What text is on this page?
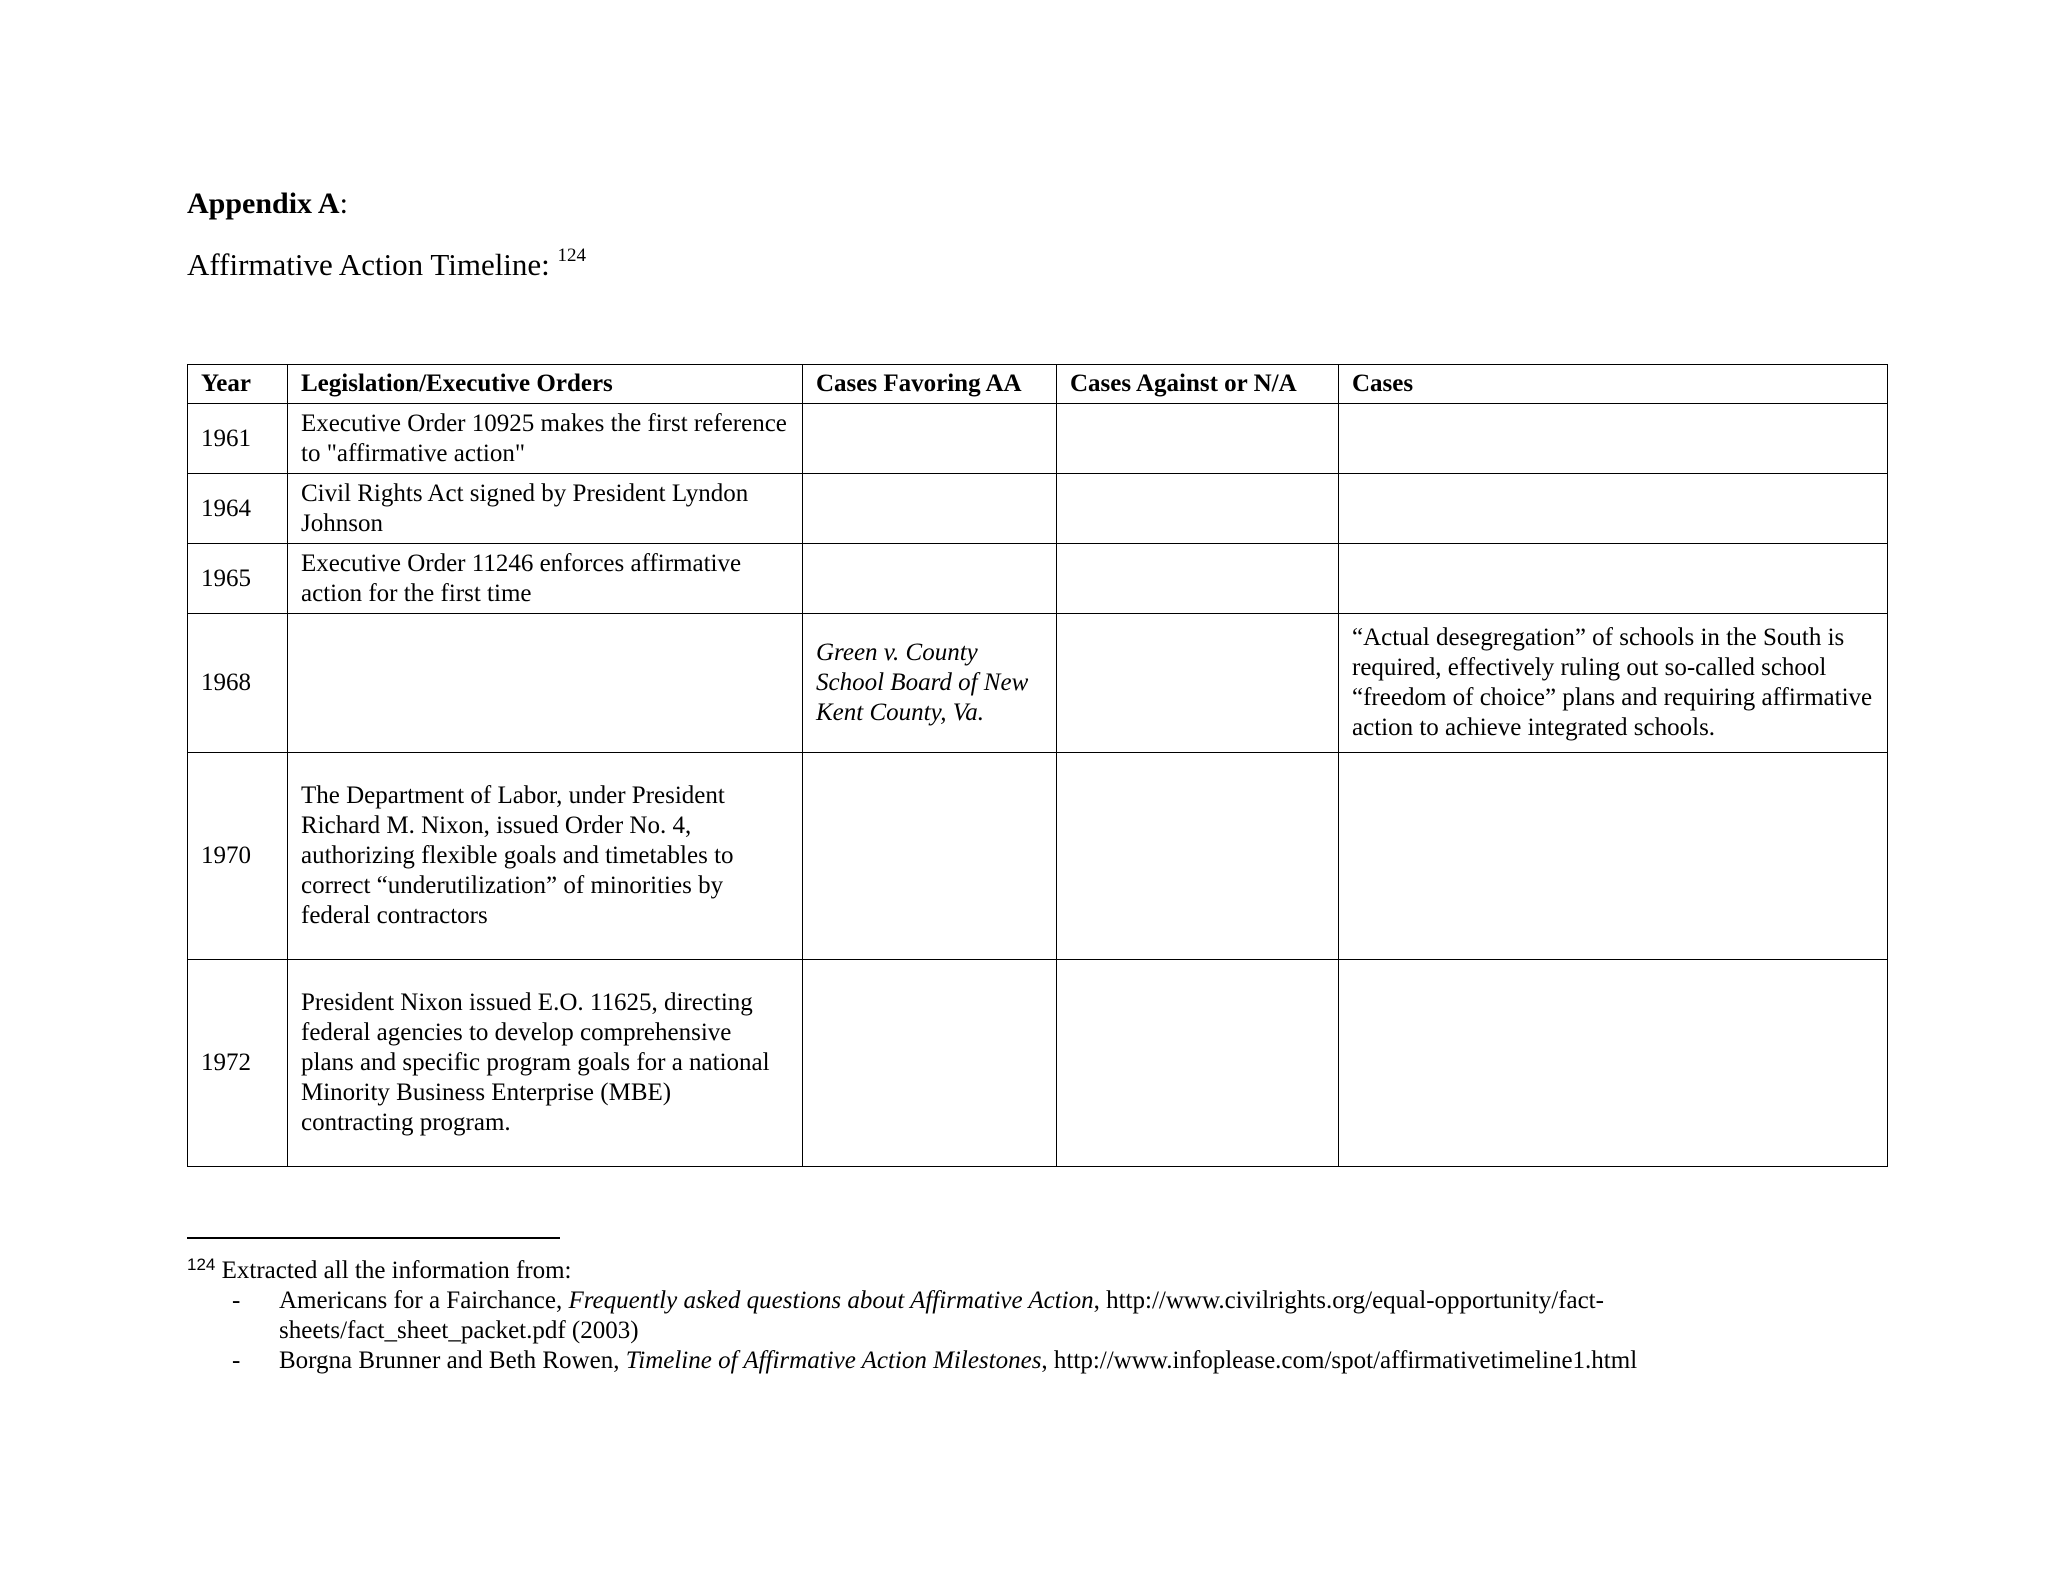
Appendix A:
Affirmative Action Timeline: $^{124}$
Year	Legislation/Executive Orders	Cases Favoring AA	Cases Against or N/A	Cases
1961	Executive Order 10925 makes the first reference to "affirmative action"			
1964	Civil Rights Act signed by President Lyndon Johnson			
1965	Executive Order 11246 enforces affirmative action for the first time			
1968		Green v. County School Board of New Kent County, Va.		“Actual desegregation” of schools in the South is required, effectively ruling out so-called school “freedom of choice” plans and requiring affirmative action to achieve integrated schools.
1970	The Department of Labor, under President Richard M. Nixon, issued Order No. 4, authorizing flexible goals and timetables to correct “underutilization” of minorities by federal contractors			
1972	President Nixon issued E.O. 11625, directing federal agencies to develop comprehensive plans and specific program goals for a national Minority Business Enterprise (MBE) contracting program.			
$^{124}$ Extracted all the information from:
- Americans for a Fairchance, Frequently asked questions about Affirmative Action, http://www.civilrights.org/equal-opportunity/fact-sheets/fact_sheet_packet.pdf (2003)
- Borgna Brunner and Beth Rowen, Timeline of Affirmative Action Milestones, http://www.infoplease.com/spot/affirmativetimeline1.html
